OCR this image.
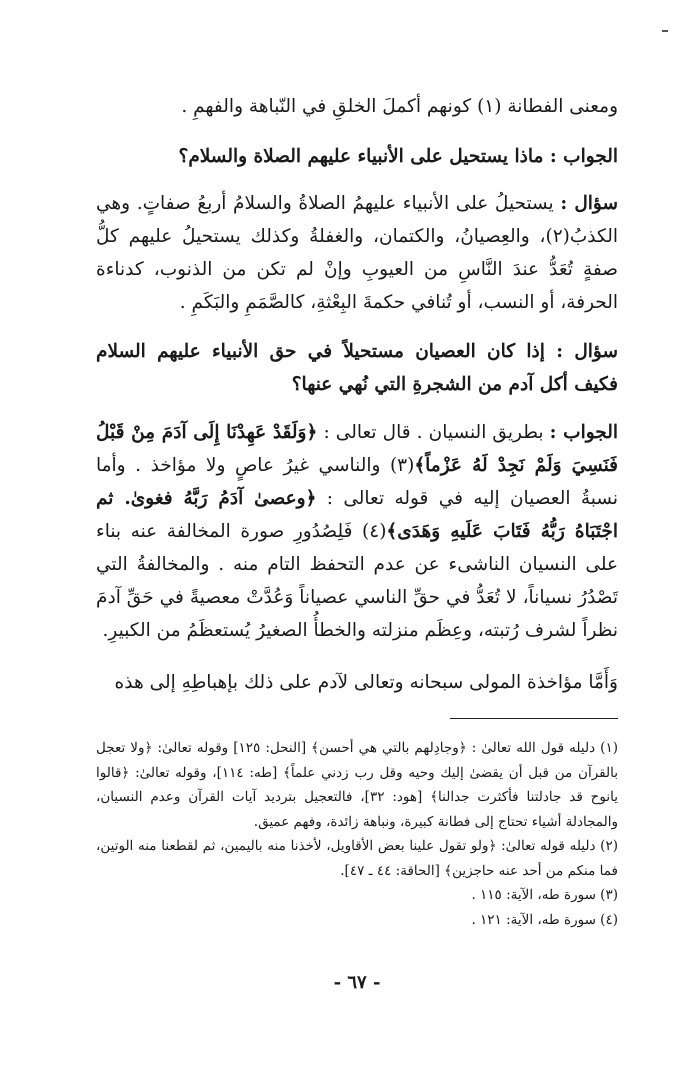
ومعنى الفطانة (١) كونهم أكملَ الخلقِ في النّباهة والفهمِ .

الجواب : ماذا يستحيل على الأنبياء عليهم الصلاة والسلام؟

سؤال : يستحيلُ على الأنبياء عليهمُ الصلاةُ والسلامُ أربعُ صفاتٍ. وهي الكذبُ(٢)، والعِصيانُ، والكتمان، والغفلةُ وكذلك يستحيلُ عليهم كلُّ صفةٍ تُعَدُّ عندَ النَّاسِ من العيوبِ وإنْ لم تكن من الذنوب، كدناءة الحرفة، أو النسب، أو تُنافي حكمةَ البِعْثةِ، كالصَّمَمِ والبَكَمِ .

سؤال : إذا كان العصيان مستحيلاً في حق الأنبياء عليهم السلام فكيف أكل آدم من الشجرةِ التي نُهي عنها؟

الجواب : بطريق النسيان . قال تعالى : ﴿وَلَقَدْ عَهِدْنَا إِلَى آدَمَ مِنْ قَبْلُ فَنَسِيَ وَلَمْ نَجِدْ لَهُ عَزْماً﴾(٣) والناسي غيرُ عاصٍ ولا مؤاخذ . وأما نسبةُ العصيان إليه في قوله تعالى : ﴿وعصىٰ آدَمُ رَبَّهُ فغوىٰ. ثم اجْتَبَاهُ رَبُّهُ فَتَابَ عَلَيهِ وَهَدَى﴾(٤) فَلِصُدُورِ صورة المخالفة عنه بناء على النسيان الناشىء عن عدم التحفظ التام منه . والمخالفةُ التي تَصْدُرُ نسياناً، لا تُعَدُّ في حقِّ الناسي عصياناً وَعُدَّتْ معصيةً في حَقِّ آدمَ نظراً لشرف رُتبته، وعِظَم منزلته والخطأُ الصغيرُ يُستعظَمُ من الكبيرِ.

وَأَمَّا مؤاخذة المولى سبحانه وتعالى لآدم على ذلك بإهباطِهِ إلى هذه

(١) دليله قول الله تعالىٰ : ﴿وجادِلهم بالتي هي أحسن﴾ [النحل: ١٢٥] وقوله تعالىٰ: ﴿ولا تعجل بالقرآن من قبل أن يقضىٰ إليك وحيه وقل رب زدني علماً﴾ [طه: ١١٤]، وقوله تعالىٰ: ﴿قالوا يانوح قد جادلتنا فأكثرت جدالنا﴾ [هود: ٣٢]، فالتعجيل بترديد آيات القرآن وعدم النسيان، والمجادلة أشياء تحتاج إلى فطانة كبيرة، ونباهة زائدة، وفهم عميق.

(٢) دليله قوله تعالىٰ: ﴿ولو تقول علينا بعض الأقاويل، لأخذنا منه باليمين، ثم لقطعنا منه الوتين، فما منكم من أحد عنه حاجزين﴾ [الحاقة: ٤٤ ـ ٤٧].

(٣) سورة طه، الآية: ١١٥ .

(٤) سورة طه، الآية: ١٢١ .

- ٦٧ -
